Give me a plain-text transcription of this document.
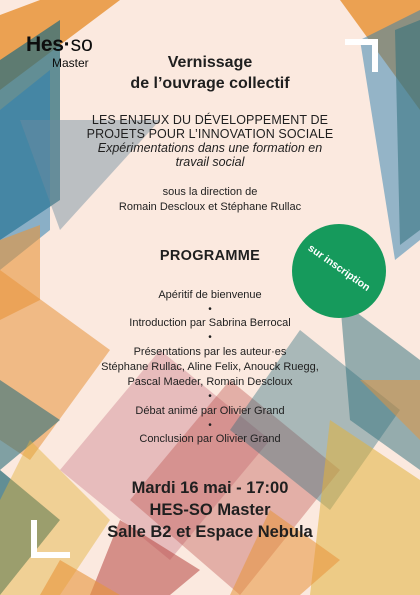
Hes·so
Master	Vernissage
de l’ouvrage collectif
LES ENJEUX DU DÉVELOPPEMENT DE
PROJETS POUR L’INNOVATION SOCIALE
Expérimentations dans une formation en
travail social
sous la direction de
Romain Descloux et Stéphane Rullac
PROGRAMME	sur inscription
Apéritif de bienvenue
•
Introduction par Sabrina Berrocal
•
Présentations par les auteur·es
Stéphane Rullac, Aline Felix, Anouck Ruegg,
Pascal Maeder, Romain Descloux
•
Débat animé par Olivier Grand
•
Conclusion par Olivier Grand
Mardi 16 mai - 17:00
HES-SO Master
Salle B2 et Espace Nebula
